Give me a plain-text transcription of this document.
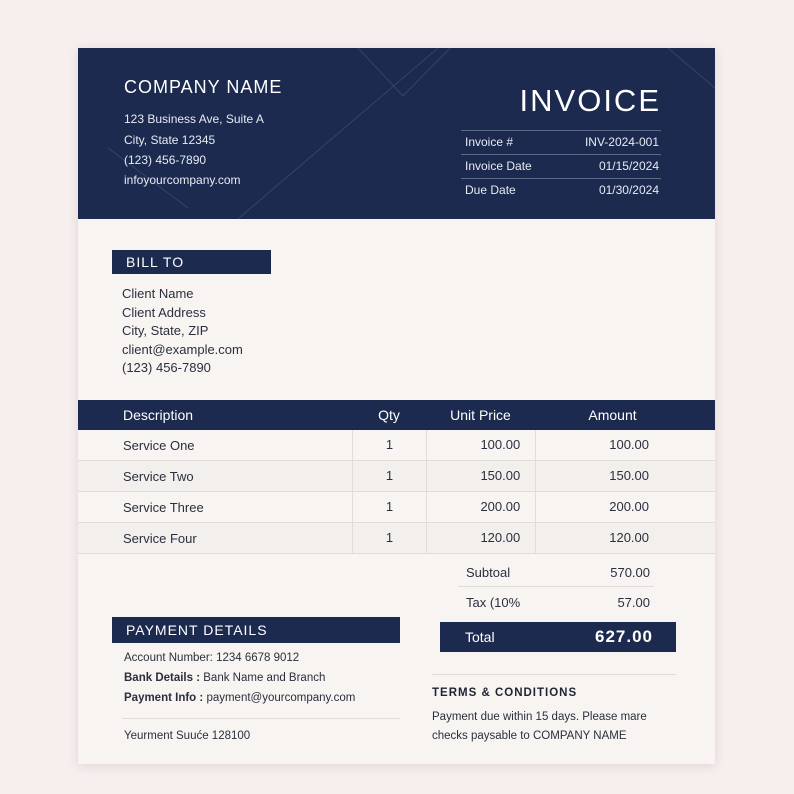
COMPANY NAME
123 Business Ave, Suite A
City, State 12345
(123) 456-7890
infoyourcompany.com
INVOICE
Invoice #	INV-2024-001
Invoice Date	01/15/2024
Due Date	01/30/2024
BILL TO
Client Name
Client Address
City, State, ZIP
client@example.com
(123) 456-7890
Description	Qty	Unit Price	Amount
Service One	1	100.00	100.00
Service Two	1	150.00	150.00
Service Three	1	200.00	200.00
Service Four	1	120.00	120.00
Subtoal	570.00
Tax (10%	57.00
Total	627.00
PAYMENT DETAILS
Account Number: 1234 6678 9012
Bank Details : Bank Name and Branch
Payment Info : payment@yourcompany.com
Yeurment Suuće 128100
TERMS & CONDITIONS
Payment due within 15 days. Please mare
checks paysable to COMPANY NAME
